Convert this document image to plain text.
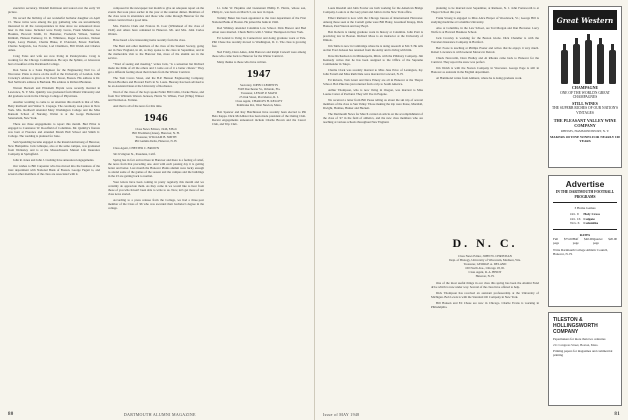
executive secretary. Wendell Robinson and toured over the early '45 picture.

We record the birthday of our wonderful bachelor daughter on April 15. Those twins were among the gay gathering who are uncommonly interested in all the correspondence in June since we announced more later in this issue. Included were Fondy Lucas, Frank Mathews, Joe Hoskins, Howard Smith, D. Hoitsmer, Frederick Wilson, Sumner Kimball, Hanson Pomeroy, D. R. Whitmore, Roger Lawrence, Nelson Pepin, Leroy Hazlett, Charlie Blake, P. D'Arnold, Ernest Fairfield, Charles Sedgwick, Joe Fowler, Lad Chambers, Bill Walsh and Charles Ames.

Craig Fales and wife are now living in Pennsylvania. Craig is working for the Chicago Combination. He says the Sphinx, or Glasswax had a breakfast at the Dartmouth College.

Don Stone is a Sales Engineer for the Engineering Nail Co. of Worcester. Plans to move on the staff at the University of London. John Crawley's address is given as 91 Pearl Street, Boston. His address is Dr. Ned Sullivan's address is Burbank. His address is Richard Brennan.

Warren Bezzadi and Elizabeth Bryant were recently married in Lawrence, N. Y. Mrs. Quimby was graduated from Miami University and did graduate work in the Chicago College of Physicians.

Another wedding to come to an attention this month is that of Mrs. Betty Rothwell and Walter S. Crepage. The ceremony took place in New York. Mrs. Rothwell attended Mary Washington College and the Miss Ransom School of Nursing. Walter is at the Gorge Homeward Sanatorium, New York.

There are three engagements to report this month. Bud Elliot is engaged to Constance W. Roodfield of Columbus. Mr. Quimby's fiancée was born at Florence and attended Marsh Hall School and Smith Jr. College. The wedding is planned for June.

Sam Spaulding became engaged to the Ronald Armstrong of Hanover, New Hampshire. Jack Gillespie, also at the same campus, was graduated from Wellesley and is at the Massachusetts Mutual Life Insurance Company in Springfield.

John R. Jones and John J. Cushing have announced engagements.

Our wishes to Bill Carpenter who has moved into the business of the trust department with National Bank of Boston. George Fugett is, and several other members of the class are associated with it.

composed in the newspaper last month to give an adequate report on the events that took place earlier in the year at the reunion dinner. Members of the class were in attendance and those who came through Hanover for the winter carnival had a good time.

Mrs. Patricia Clark and Frances D. Coar (Whitehead of the class of 1945) and others have remained in Hanover. Mr. and Mrs. John Carlos Obrien.

Have heard a few interesting items recently from the class.

The Bent and other members of the class of the Student Society, going out in New England, in all, as they spoke to the class in September, and in the memorable visit to the Hanover Inn, more of the alumni are in the service.

"Tired of seeing and meeting," writes Jack, "is a sensation but Richard made me think of all the others and I come out of it a better citizen." They get a different feeling about their tickets from the Winter Carnival.

The Tom Crews Street, and the B.P. Hanson Engineering Company, Brown Brothers and Howard Earl's in St. Louis. Hearsay has been advised to be an Assistant Dean at the University of Rochester.

Word of the class of the boys spoke Fuller Bill Cabin, Clarke Horse, and from Nat Whittem Warren Jackson, Harris W. Wilkes, Fred (Whip) Winsor and Norman A. Ferlane.

And that is all of the news for this time.

1946
Class News Editors, 1946, 8 Holt
Bill Friedman (Jones), Hanover, N. H.
Treasurer, WILLIAM B. SMITH
Phi Gamma Delta, Hanover, N. H.

Class Agent, CHESTER C. BROWN

341 Irvington St., Pasadena, Calif.

Spring has in fact arrived here in Hanover and there is a feeling of relief, the news from that preceding one. And with each passing day it is getting better and better. Last month the Hanover Plains alumni were lucky enough to attend some of the games of the season and the campus and the buildings in the 23 are getting back to normal.

Your letters have been coming in pretty regularly this month and we certainly do appreciate them. As they come in we would like to hear from those of you who haven't been able to write to us. Now, let's get more of our class news started.

According to a press release from the College, we had a three-year member of the Class of '46 who was awarded their bachelor's degree in the college.

Lt. John W. Hopkins and Lieutenant Phillip E. Harris, whose son, Philip Jr., was born on March 3, are now in Japan.

Tommy Baker has been appointed to the trust department of the First National Bank of Boston. He joined the bank in 1946.

Rod Whitney attended Columbia Law School. Dick Brewer and Bud Alton were married. Chuck Bell is with J. Walter Thompson in New York.

Ed Leland is living in Connecticut and doing graduate work at Yale. Phil Chase has recently moved to Washington, D. C. The class is growing fast.

Ned Frisby, Dave Ames, John Barrows and Ralph Caswell were among those who came back to Hanover for the Winter Carnival.

Many thanks to those who have written.

1947
Secretary, JOHN CLEMENTS
3528 Dorchester St., Orlando, Fla.
Treasurer, LESLIE P. MAYO
25 Oak Street, Providence, R. I.
Class Agent, CHARLES H. KELLEY
Pembroke Rd., West Newton, Mass.

Bob Spencer and Ray Hutchinson have recently been elected to Phi Beta Kappa. Dick McAllister has been made president of the Outing Club. Recent engagements announced include Charlie Brown and the Cazort Club, and Trip Club.

80	DARTMOUTH ALUMNI MAGAZINE

Louis Riesdall and John Fowler are both working for the American Bridge Company. Louis is at the Gary plant and John is in the New York office.

Elbert Rutland is now with the Chicago bureau of International Harvester. Among those seen at the Cornell game were Bill Haley, Greenleaf Knapp, Dick Hanson, Paul Warren and Guy Boyd.

Bob Roberts is taking graduate work in history at Columbia. John Pratt is practicing law in Boston. Richard Moss is an instructor at the University of Illinois.

Jim Tuttle is now in Cambridge where he is doing research at M.I.T. He tells us that Fred Jackson has returned from the Army and is living with him.

Dave Richardson is in Minneapolis, Minn. with the Pillsbury Company. Jim Kennedy writes that he has been assigned to the Office of the Supreme Commander in Tokyo.

Charlie Clark was recently married to Miss Jane Price of Lexington, Ky. John Farrell and Miss Ruth Dale were married in Concord, N. H.

Ed Roberts, Tom Grant and Dave Emery are all in Hanover at the Thayer School. Bob Pike has just returned from a trip to South America.

Arthur Thompson, who is now living in Oregon, was married to Miss Louise Carter of Portland. They will live in Eugene.

We received a letter from Bill Pease telling us about the ski trip of several members of the class to Sun Valley. Those making the trip were Pease, Marshall, Dwight, Holmes, Hunter and Hackett.

The Dartmouth News for March carried an article on the accomplishment of the class of '47 in the field of athletics, and the new class members who are teaching at various schools throughout New England.

planning to be married next September, at Rumson, N. J. John Farnsworth is at Thayer School this year.

Frank Strong is engaged to Miss Alice Harper of Woodstock, Vt.; George Hill is studying medicine at Columbia University.

Also at Columbia, in the Law School, are Ted Morgan and Dan Brewster. Larry Wolfe is at Harvard Business School.

Jack Crowley is working for the Boston Globe. Dick Chandler is with the Travelers Insurance Company in Hartford.

Bert Foote is teaching at Phillips Exeter and writes that he enjoys it very much. Robert Lawrence is with General Motors in Detroit.

Chuck Newcomb, Dave Hadley and Al Rhodes came back to Hanover for the Carnival. They report the snow was perfect.

Jim Welsh is with the Norton Company in Worcester. George Page is still in Hanover as assistant in the English department.

Al Hammond writes from Amherst, where he is doing graduate work.

D. N. C.
Class News Editor, JOHN W. CHRISTIAN
Dept. of Biology, University of Wisconsin, Madison, Wis.
Treasurer, GEORGE A. DELAND
100 North Ave., Chicago 18, Ill.
Class Agent, R. A. HEIDT
Hanover, N. H.

One of the most useful things in our class this spring has been the Alumni Fund drive which is now under way. Several of the class have offered to help.

Dick Thompson has received an assistant professorship at the University of Michigan. Bob Lewis is with the Standard Oil Company in New York.

Bill Hansen and Ed Chase are now in Chicago. Charlie Evans is working in Philadelphia.

Great Western
CHAMPAGNE
ONE OF THE WORLD'S GREAT CHAMPAGNES
STILL WINES
THE SUPERB RICHES OF OUR NATION'S VINTAGES
THE PLEASANT VALLEY WINE COMPANY
RHEIMS, HAMMONDSPORT, N. Y.
MAKERS OF FINE WINES FOR NEARLY 100 YEARS
Advertise
IN THE DARTMOUTH FOOTBALL PROGRAMS
3 Home Games
Oct. 9	Holy Cross
Oct. 16	Colgate
Nov. 6	Columbia
RATES
Full page
$75.00 Half page
$40.00 Quarter page
$20.00
Write Dartmouth College Athletic Council, Hanover, N. H.
TILESTON & HOLLINGSWORTH COMPANY
Papermakers for more than two centuries
211 Congress Street, Boston, Mass.
Printing papers for magazines and commercial printing
Issue of MAY 1948	81
